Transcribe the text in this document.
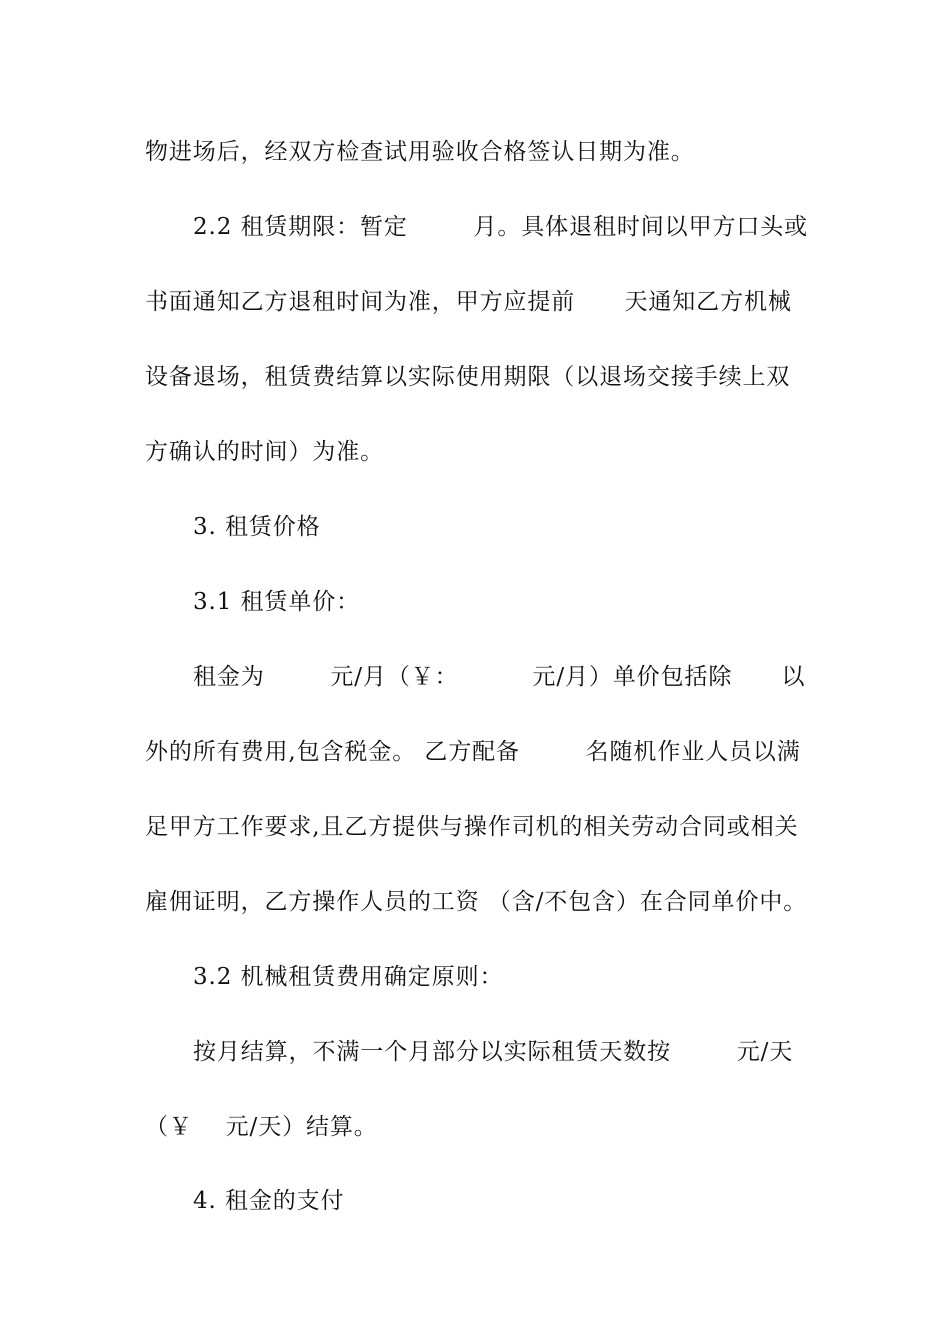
物进场后，经双方检查试用验收合格签认日期为准。
2.2 租赁期限：暂定        月。具体退租时间以甲方口头或
书面通知乙方退租时间为准，甲方应提前      天通知乙方机械
设备退场，租赁费结算以实际使用期限（以退场交接手续上双
方确认的时间）为准。
3. 租赁价格
3.1 租赁单价：
租金为        元/月（￥：         元/月）单价包括除      以
外的所有费用,包含税金。 乙方配备        名随机作业人员以满
足甲方工作要求,且乙方提供与操作司机的相关劳动合同或相关
雇佣证明，乙方操作人员的工资 （含/不包含）在合同单价中。
3.2 机械租赁费用确定原则：
按月结算，不满一个月部分以实际租赁天数按        元/天
（￥    元/天）结算。
4. 租金的支付
